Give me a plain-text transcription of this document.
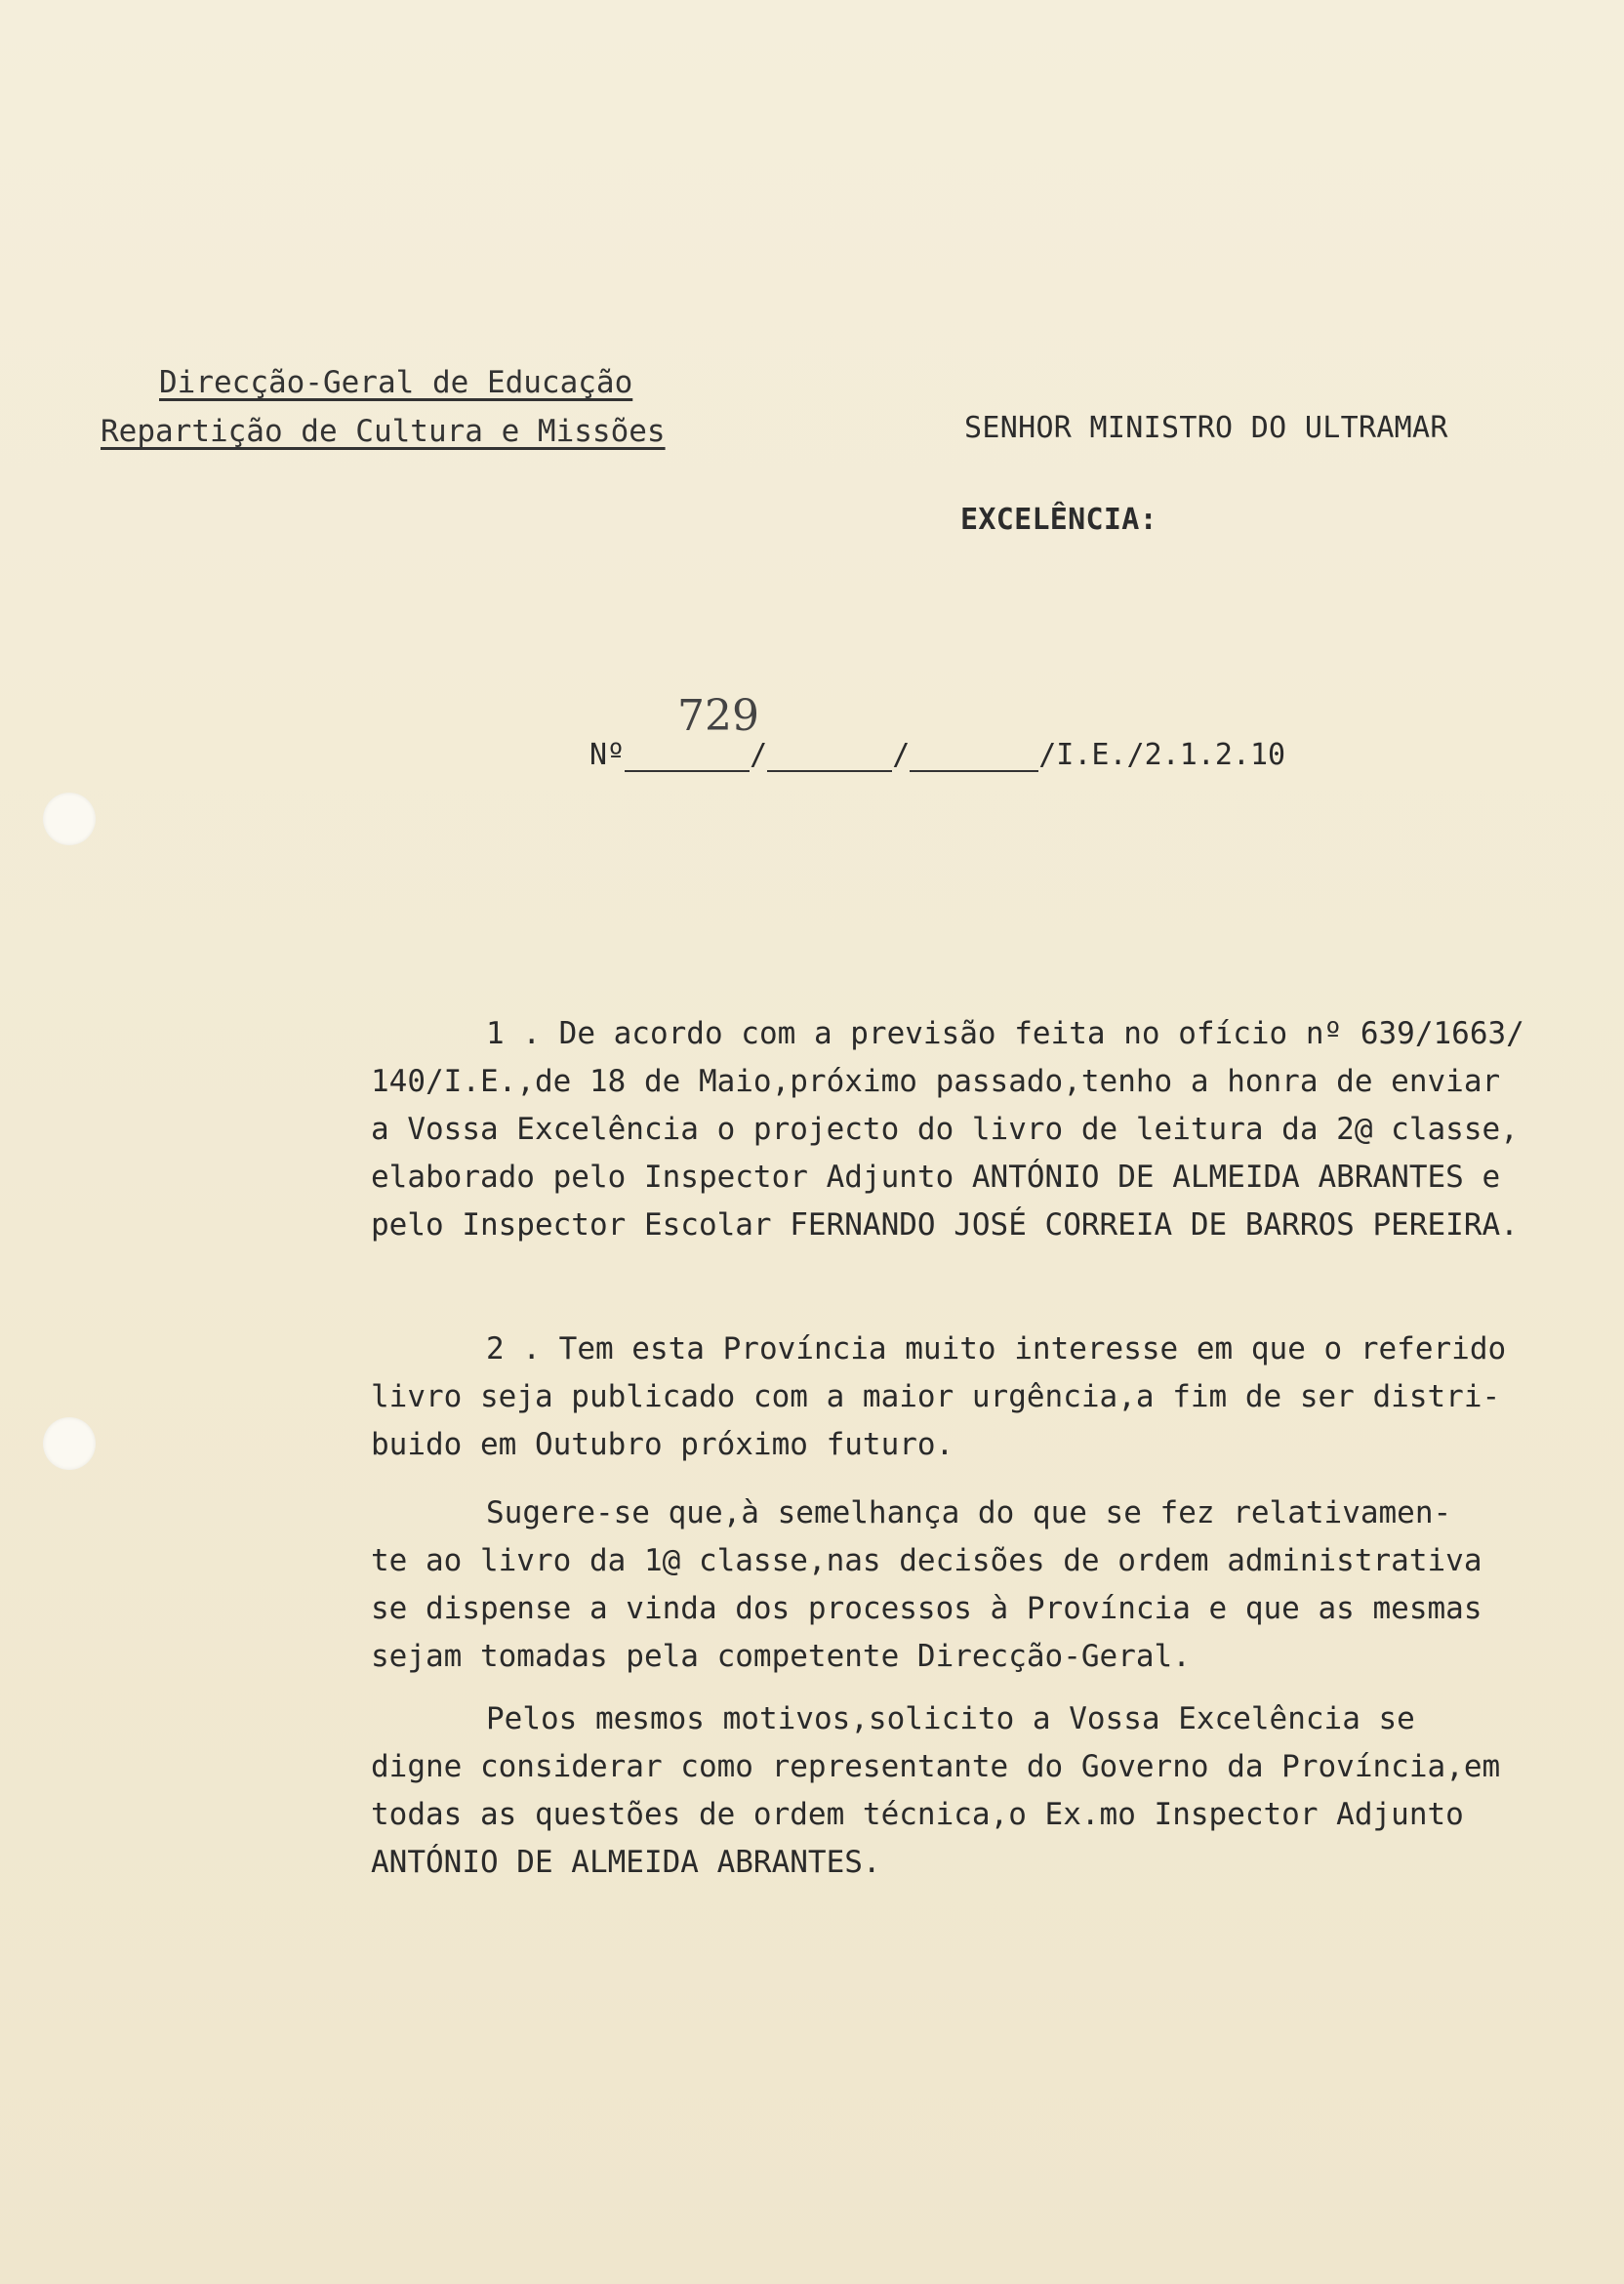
Direcção-Geral de Educação
Repartição de Cultura e Missões	SENHOR MINISTRO DO ULTRAMAR
EXCELÊNCIA:
729
Nº	/	/	/I.E./2.1.2.10
1 . De acordo com a previsão feita no ofício nº 639/1663/
140/I.E.,de 18 de Maio,próximo passado,tenho a honra de enviar
a Vossa Excelência o projecto do livro de leitura da 2@ classe,
elaborado pelo Inspector Adjunto ANTÓNIO DE ALMEIDA ABRANTES e
pelo Inspector Escolar FERNANDO JOSÉ CORREIA DE BARROS PEREIRA.
2 . Tem esta Província muito interesse em que o referido
livro seja publicado com a maior urgência,a fim de ser distri-
buido em Outubro próximo futuro.
Sugere-se que,à semelhança do que se fez relativamen-
te ao livro da 1@ classe,nas decisões de ordem administrativa
se dispense a vinda dos processos à Província e que as mesmas
sejam tomadas pela competente Direcção-Geral.
Pelos mesmos motivos,solicito a Vossa Excelência se
digne considerar como representante do Governo da Província,em
todas as questões de ordem técnica,o Ex.mo Inspector Adjunto
ANTÓNIO DE ALMEIDA ABRANTES.
